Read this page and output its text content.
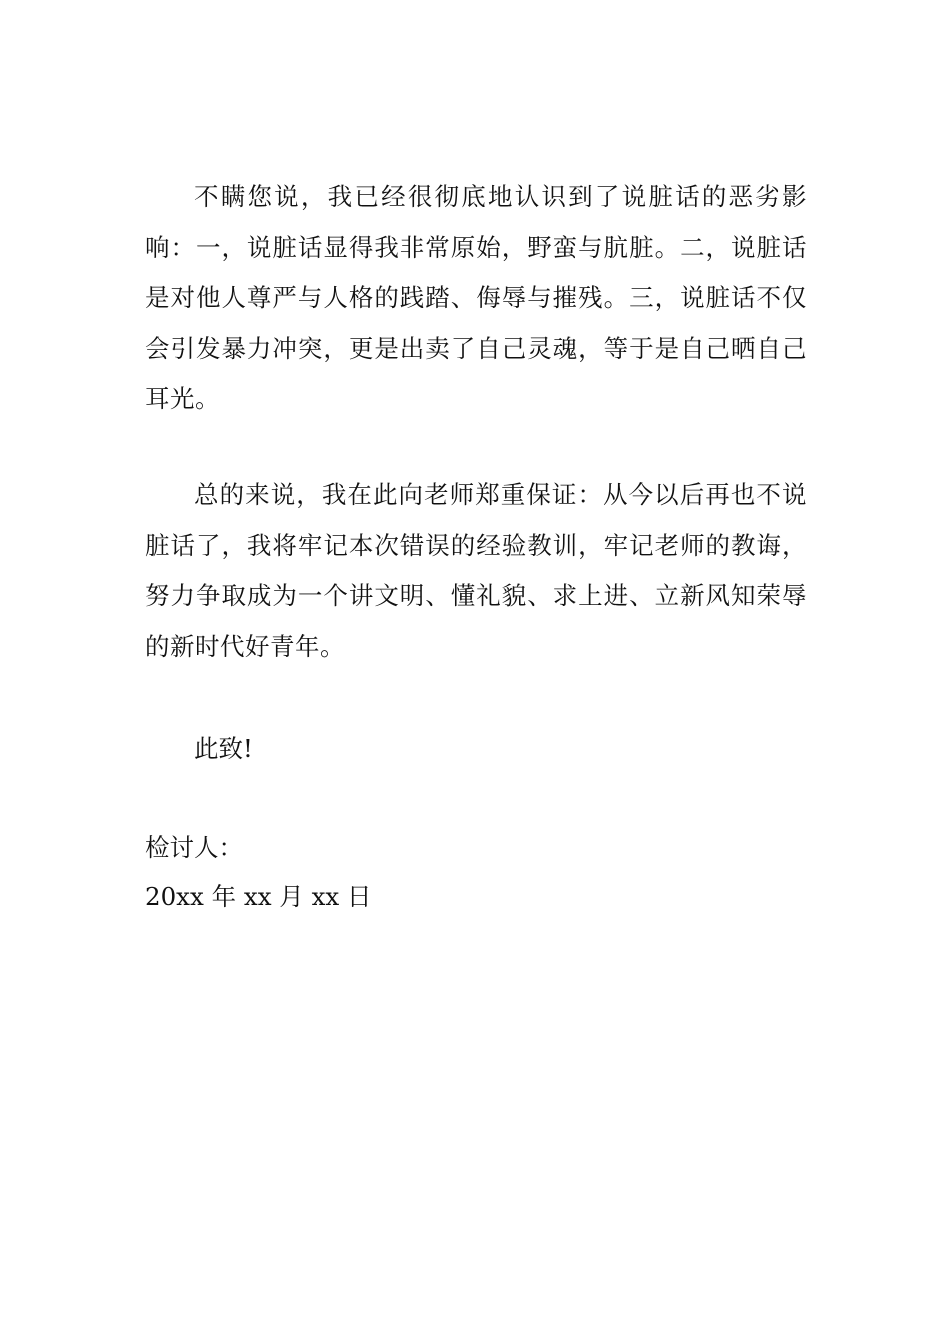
不瞒您说，我已经很彻底地认识到了说脏话的恶劣影响：一，说脏话显得我非常原始，野蛮与肮脏。二，说脏话是对他人尊严与人格的践踏、侮辱与摧残。三，说脏话不仅会引发暴力冲突，更是出卖了自己灵魂，等于是自己晒自己耳光。

总的来说，我在此向老师郑重保证：从今以后再也不说脏话了，我将牢记本次错误的经验教训，牢记老师的教诲，努力争取成为一个讲文明、懂礼貌、求上进、立新风知荣辱的新时代好青年。

此致!
检讨人：
20xx 年 xx 月 xx 日
